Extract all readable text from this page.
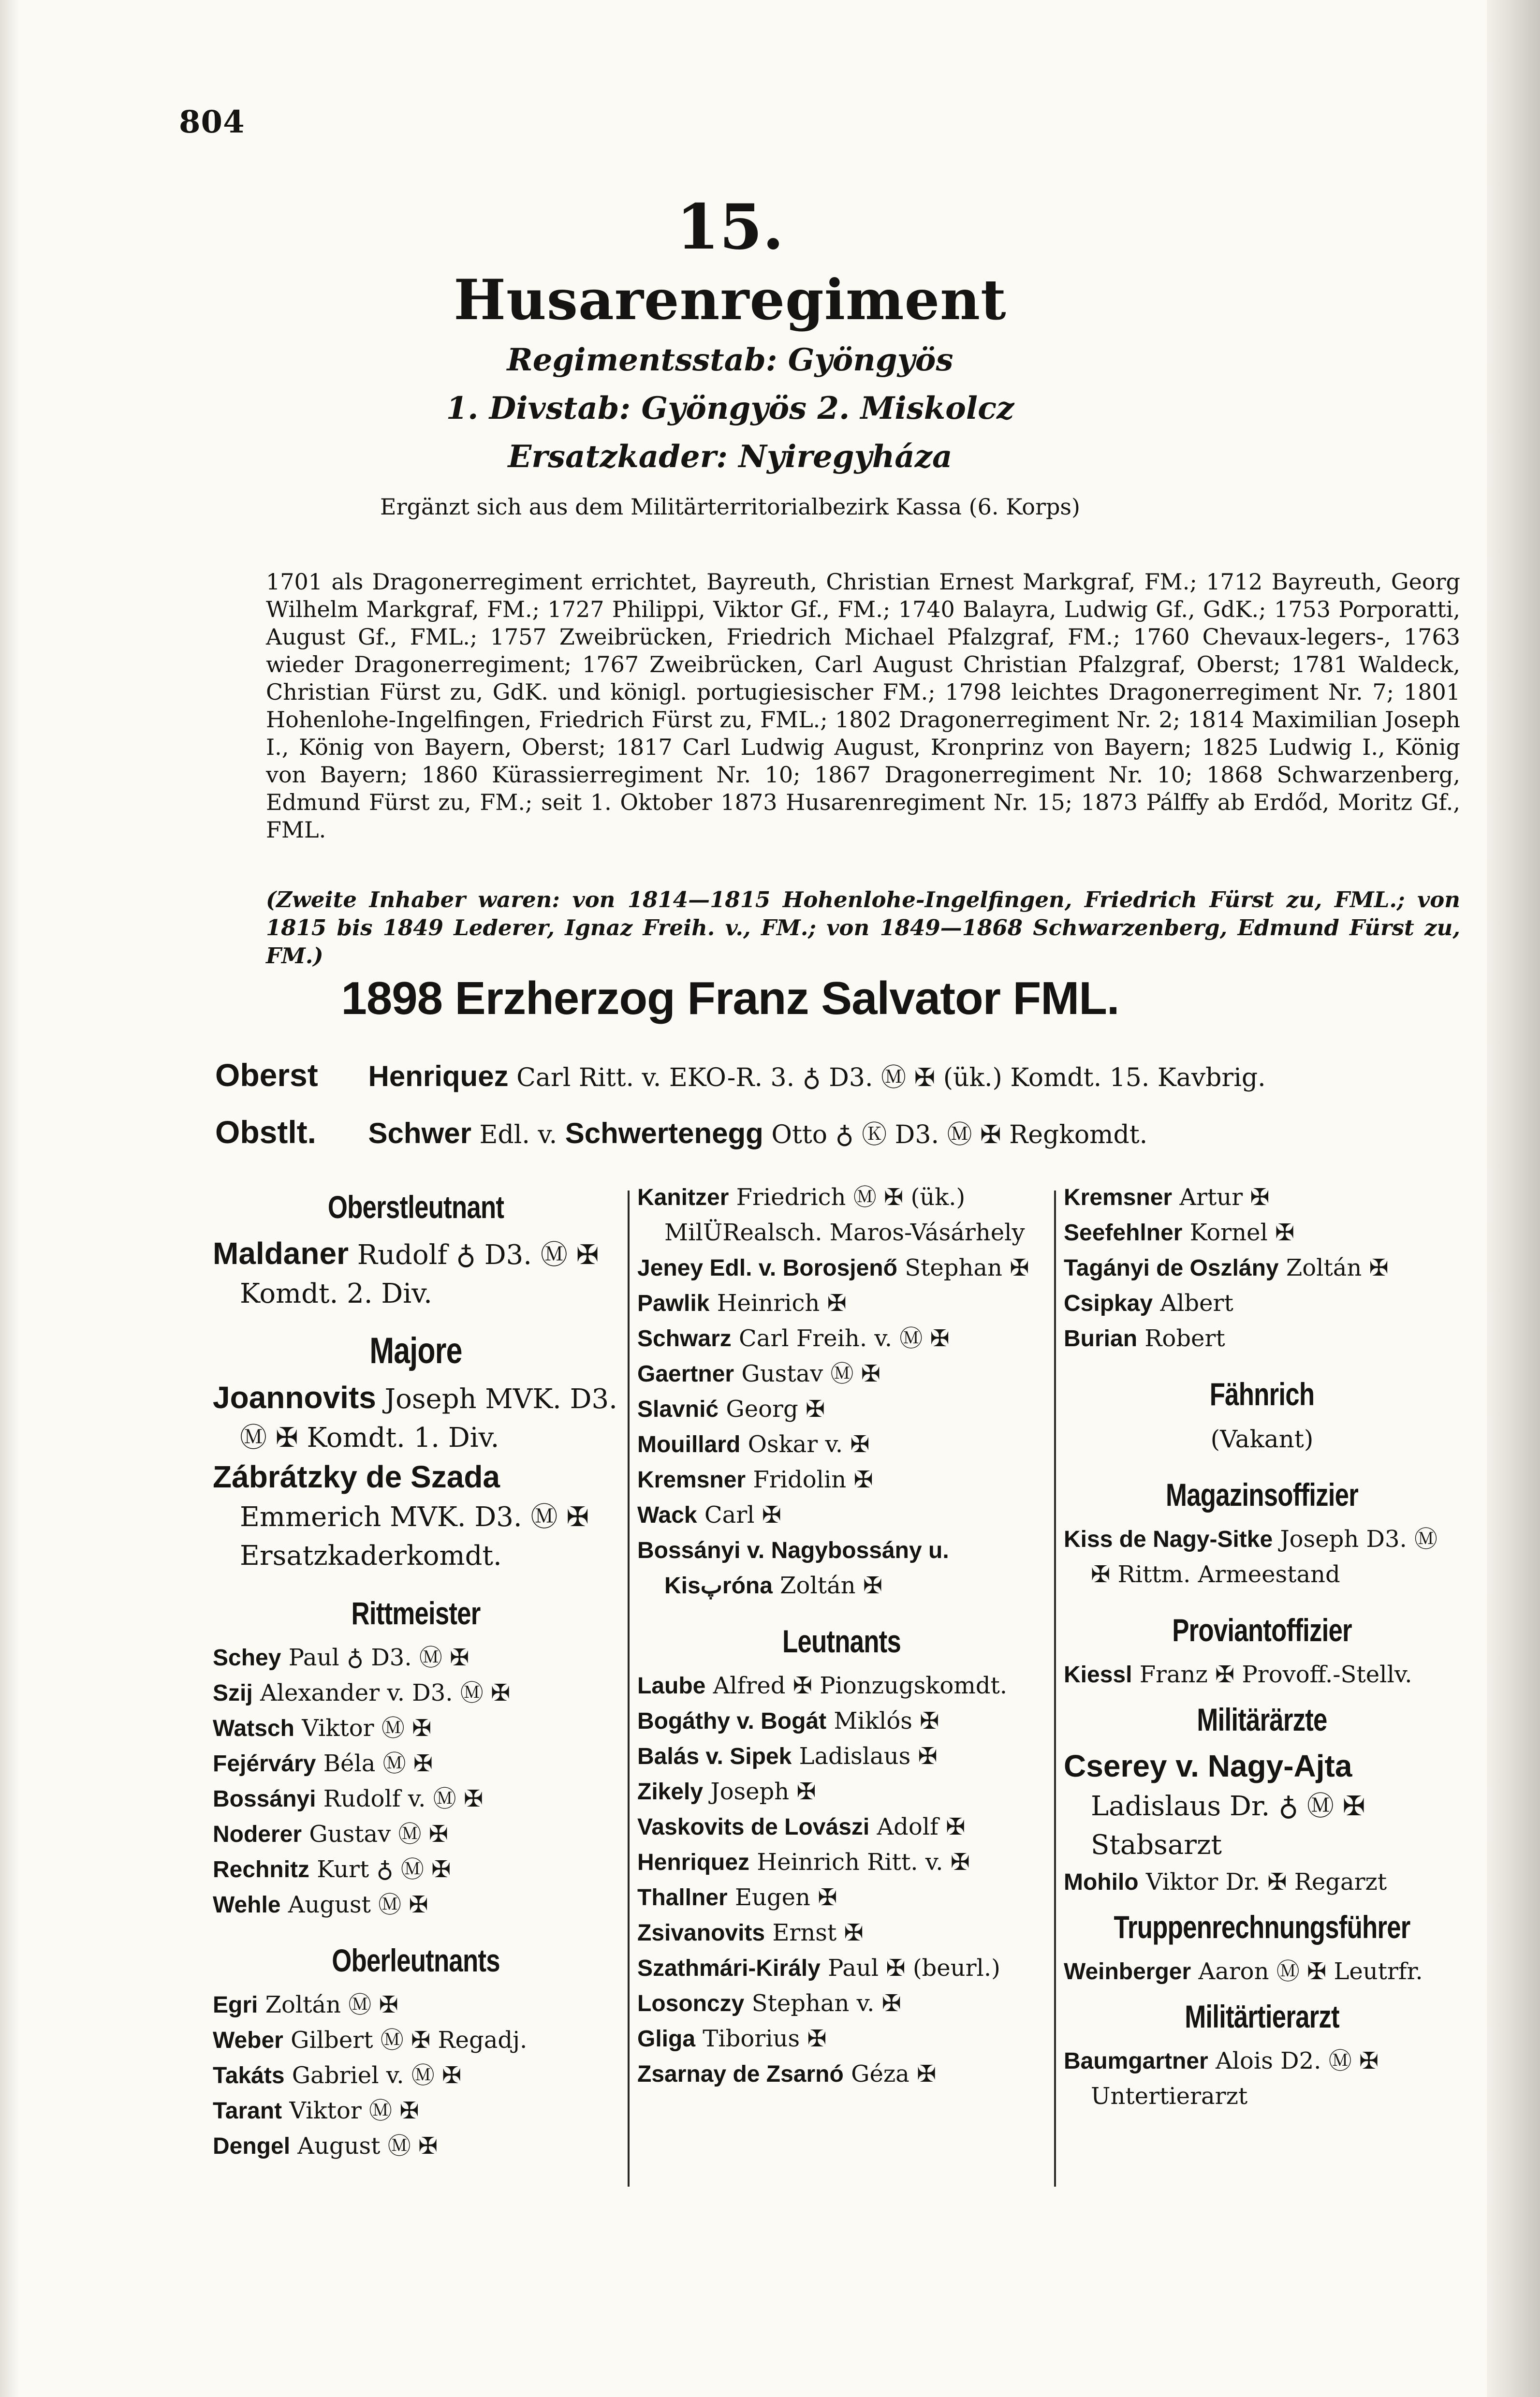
804
15.
Husarenregiment
Regimentsstab: Gyöngyös
1. Divstab: Gyöngyös 2. Miskolcz
Ersatzkader: Nyiregyháza
Ergänzt sich aus dem Militärterritorialbezirk Kassa (6. Korps)
1701 als Dragonerregiment errichtet, Bayreuth, Christian Ernest Markgraf, FM.; 1712 Bayreuth, Georg Wilhelm Markgraf, FM.; 1727 Philippi, Viktor Gf., FM.; 1740 Balayra, Ludwig Gf., GdK.; 1753 Porporatti, August Gf., FML.; 1757 Zweibrücken, Friedrich Michael Pfalzgraf, FM.; 1760 Chevaux-legers-, 1763 wieder Dragonerregiment; 1767 Zweibrücken, Carl August Christian Pfalzgraf, Oberst; 1781 Waldeck, Christian Fürst zu, GdK. und königl. portugiesischer FM.; 1798 leichtes Dragonerregiment Nr. 7; 1801 Hohenlohe-Ingelfingen, Friedrich Fürst zu, FML.; 1802 Dragonerregiment Nr. 2; 1814 Maximilian Joseph I., König von Bayern, Oberst; 1817 Carl Ludwig August, Kronprinz von Bayern; 1825 Ludwig I., König von Bayern; 1860 Kürassierregiment Nr. 10; 1867 Dragonerregiment Nr. 10; 1868 Schwarzenberg, Edmund Fürst zu, FM.; seit 1. Oktober 1873 Husarenregiment Nr. 15; 1873 Pálffy ab Erdőd, Moritz Gf., FML.
(Zweite Inhaber waren: von 1814—1815 Hohenlohe-Ingelfingen, Friedrich Fürst zu, FML.; von 1815 bis 1849 Lederer, Ignaz Freih. v., FM.; von 1849—1868 Schwarzenberg, Edmund Fürst zu, FM.)
1898 Erzherzog Franz Salvator FML.
Oberst Henriquez Carl Ritt. v. EKO-R. 3. ♁ D3. Ⓜ ✠ (ük.) Komdt. 15. Kavbrig.
Obstlt. Schwer Edl. v. Schwertenegg Otto ♁ Ⓚ D3. Ⓜ ✠ Regkomdt.
Oberstleutnant
Maldaner Rudolf ♁ D3. Ⓜ ✠ Komdt. 2. Div.
Majore
Joannovits Joseph MVK. D3. Ⓜ ✠ Komdt. 1. Div.
Zábrátzky de Szada Emmerich MVK. D3. Ⓜ ✠ Ersatzkaderkomdt.
Rittmeister
Schey Paul ♁ D3. Ⓜ ✠
Szij Alexander v. D3. Ⓜ ✠
Watsch Viktor Ⓜ ✠
Fejérváry Béla Ⓜ ✠
Bossányi Rudolf v. Ⓜ ✠
Noderer Gustav Ⓜ ✠
Rechnitz Kurt ♁ Ⓜ ✠
Wehle August Ⓜ ✠
Oberleutnants
Egri Zoltán Ⓜ ✠
Weber Gilbert Ⓜ ✠ Regadj.
Takáts Gabriel v. Ⓜ ✠
Tarant Viktor Ⓜ ✠
Dengel August Ⓜ ✠
Kanitzer Friedrich Ⓜ ✠ (ük.) MilÜRealsch. Maros-Vásárhely
Jeney Edl. v. Borosjenő Stephan ✠
Pawlik Heinrich ✠
Schwarz Carl Freih. v. Ⓜ ✠
Gaertner Gustav Ⓜ ✠
Slavnić Georg ✠
Mouillard Oskar v. ✠
Kremsner Fridolin ✠
Wack Carl ✠
Bossányi v. Nagybossány u. Kisپróna Zoltán ✠
Leutnants
Laube Alfred ✠ Pionzugskomdt.
Bogáthy v. Bogát Miklós ✠
Balás v. Sipek Ladislaus ✠
Zikely Joseph ✠
Vaskovits de Lovászi Adolf ✠
Henriquez Heinrich Ritt. v. ✠
Thallner Eugen ✠
Zsivanovits Ernst ✠
Szathmári-Király Paul ✠ (beurl.)
Losonczy Stephan v. ✠
Gliga Tiborius ✠
Zsarnay de Zsarnó Géza ✠
Kremsner Artur ✠
Seefehlner Kornel ✠
Tagányi de Oszlány Zoltán ✠
Csipkay Albert
Burian Robert
Fähnrich
(Vakant)
Magazinsoffizier
Kiss de Nagy-Sitke Joseph D3. Ⓜ ✠ Rittm. Armeestand
Proviantoffizier
Kiessl Franz ✠ Provoff.-Stellv.
Militärärzte
Cserey v. Nagy-Ajta Ladislaus Dr. ♁ Ⓜ ✠ Stabsarzt
Mohilo Viktor Dr. ✠ Regarzt
Truppenrechnungsführer
Weinberger Aaron Ⓜ ✠ Leutrfr.
Militärtierarzt
Baumgartner Alois D2. Ⓜ ✠ Untertierarzt
